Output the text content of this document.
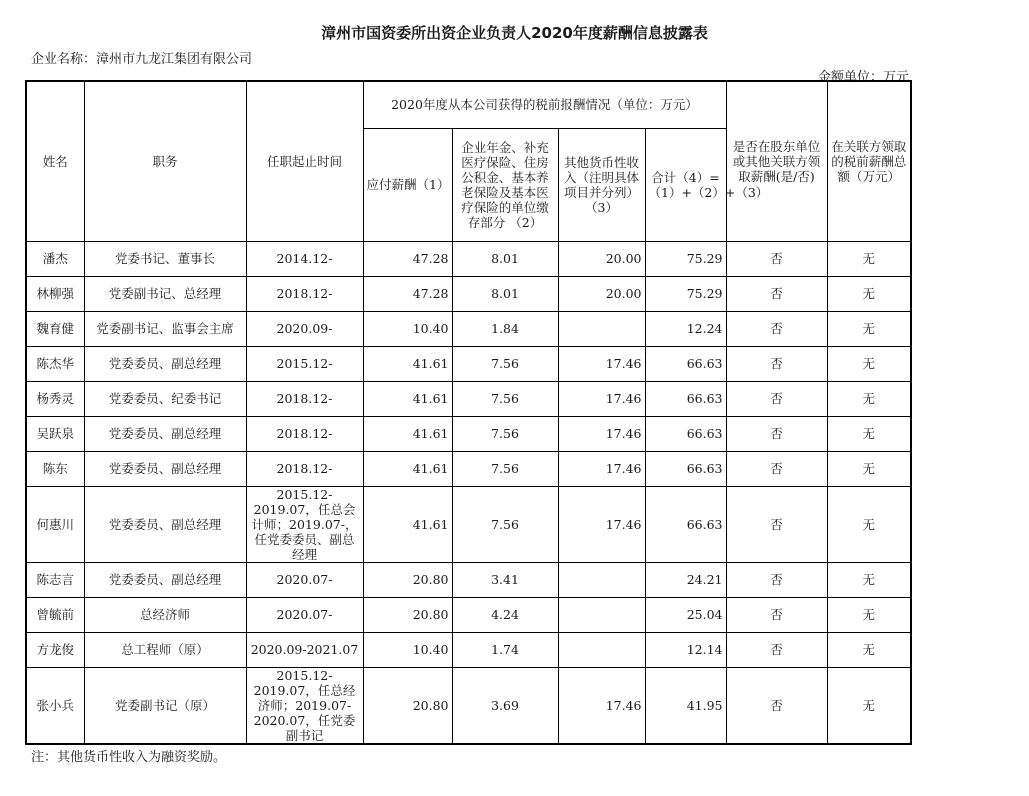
漳州市国资委所出资企业负责人2020年度薪酬信息披露表
企业名称：漳州市九龙江集团有限公司
金额单位：万元
姓名	职务	任职起止时间	2020年度从本公司获得的税前报酬情况（单位：万元）				是否在股东单位或其他关联方领取薪酬(是/否)	在关联方领取的税前薪酬总额（万元）
			应付薪酬（1）	企业年金、补充医疗保险、住房公积金、基本养老保险及基本医疗保险的单位缴存部分 （2）	其他货币性收入（注明具体项目并分列）（3）	合计（4）=（1）+（2）+（3）		
潘杰	党委书记、董事长	2014.12-	47.28	8.01	20.00	75.29	否	无
林柳强	党委副书记、总经理	2018.12-	47.28	8.01	20.00	75.29	否	无
魏育健	党委副书记、监事会主席	2020.09-	10.40	1.84		12.24	否	无
陈杰华	党委委员、副总经理	2015.12-	41.61	7.56	17.46	66.63	否	无
杨秀灵	党委委员、纪委书记	2018.12-	41.61	7.56	17.46	66.63	否	无
吴跃泉	党委委员、副总经理	2018.12-	41.61	7.56	17.46	66.63	否	无
陈东	党委委员、副总经理	2018.12-	41.61	7.56	17.46	66.63	否	无
何惠川	党委委员、副总经理	2015.12-2019.07，任总会计师；2019.07-，任党委委员、副总经理	41.61	7.56	17.46	66.63	否	无
陈志言	党委委员、副总经理	2020.07-	20.80	3.41		24.21	否	无
曾毓前	总经济师	2020.07-	20.80	4.24		25.04	否	无
方龙俊	总工程师（原）	2020.09-2021.07	10.40	1.74		12.14	否	无
张小兵	党委副书记（原）	2015.12-2019.07，任总经济师；2019.07-2020.07，任党委副书记	20.80	3.69	17.46	41.95	否	无
注：其他货币性收入为融资奖励。
